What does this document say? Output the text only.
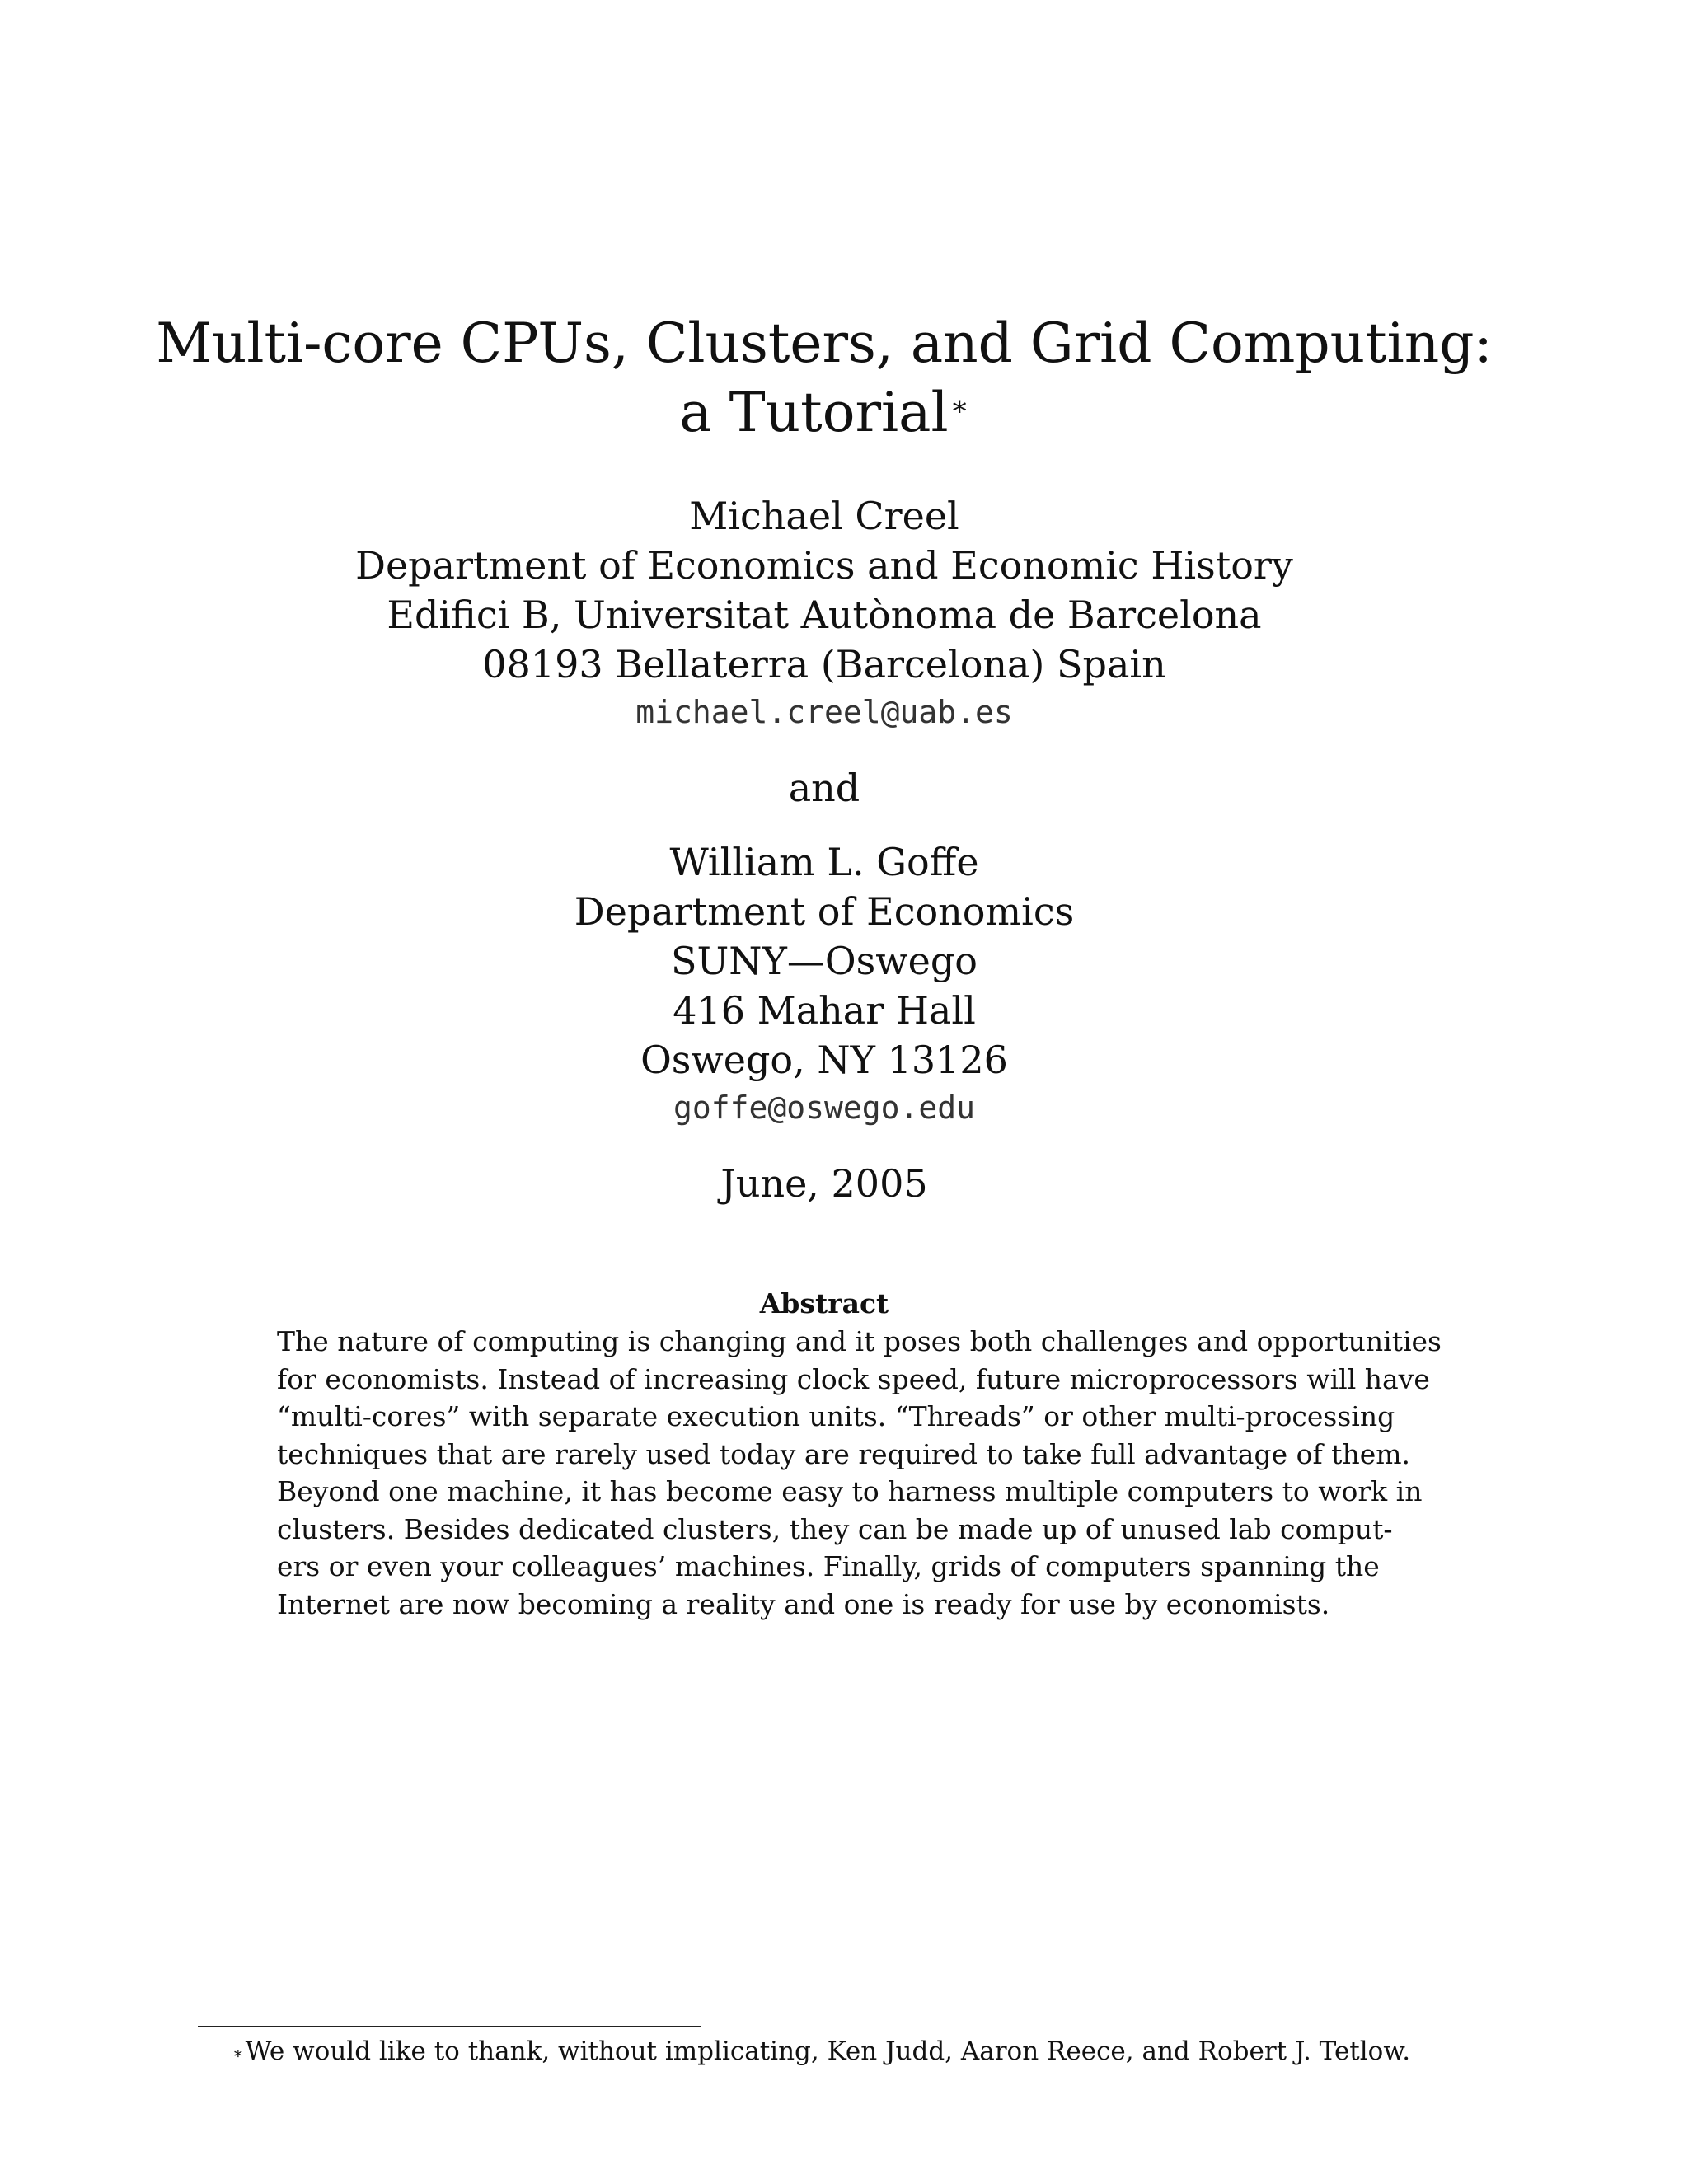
Multi-core CPUs, Clusters, and Grid Computing:
a Tutorial∗
Michael Creel
Department of Economics and Economic History
Edifici B, Universitat Autònoma de Barcelona
08193 Bellaterra (Barcelona) Spain
michael.creel@uab.es
and
William L. Goffe
Department of Economics
SUNY—Oswego
416 Mahar Hall
Oswego, NY 13126
goffe@oswego.edu
June, 2005
Abstract
The nature of computing is changing and it poses both challenges and opportunities
for economists. Instead of increasing clock speed, future microprocessors will have
“multi-cores” with separate execution units. “Threads” or other multi-processing
techniques that are rarely used today are required to take full advantage of them.
Beyond one machine, it has become easy to harness multiple computers to work in
clusters. Besides dedicated clusters, they can be made up of unused lab comput-
ers or even your colleagues’ machines. Finally, grids of computers spanning the
Internet are now becoming a reality and one is ready for use by economists.
∗We would like to thank, without implicating, Ken Judd, Aaron Reece, and Robert J. Tetlow.
